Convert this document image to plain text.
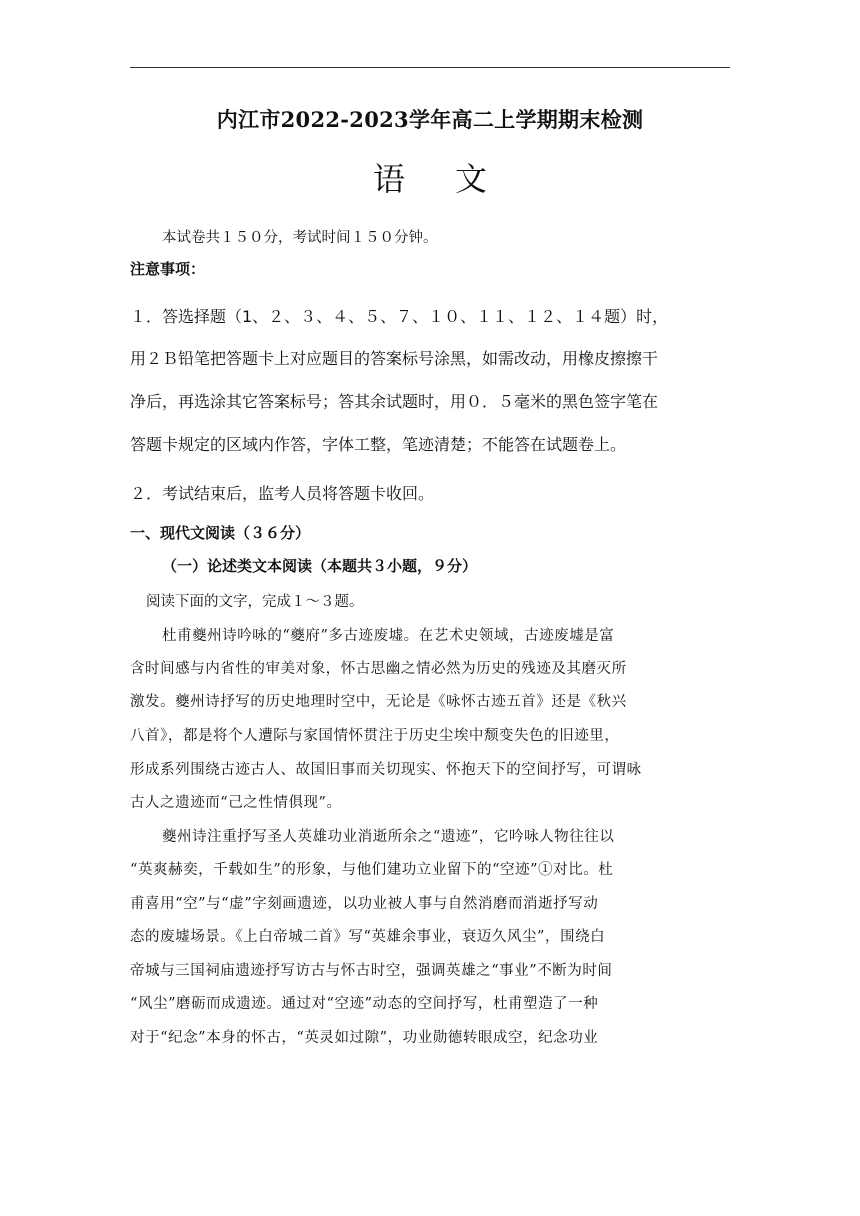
内江市2022-2023学年高二上学期期末检测
语文
本试卷共１５０分，考试时间１５０分钟。
注意事项：
１．答选择题（1、２、３、４、５、７、１０、１１、１２、１４题）时，
用２Ｂ铅笔把答题卡上对应题目的答案标号涂黑，如需改动，用橡皮擦擦干
净后，再选涂其它答案标号；答其余试题时，用０．５毫米的黑色签字笔在
答题卡规定的区域内作答，字体工整，笔迹清楚；不能答在试题卷上。
２．考试结束后，监考人员将答题卡收回。
一、现代文阅读（３６分）
（一）论述类文本阅读（本题共３小题，９分）
阅读下面的文字，完成１～３题。
杜甫夔州诗吟咏的“夔府”多古迹废墟。在艺术史领域，古迹废墟是富
含时间感与内省性的审美对象，怀古思幽之情必然为历史的残迹及其磨灭所
激发。夔州诗抒写的历史地理时空中，无论是《咏怀古迹五首》还是《秋兴
八首》，都是将个人遭际与家国情怀贯注于历史尘埃中颓变失色的旧迹里，
形成系列围绕古迹古人、故国旧事而关切现实、怀抱天下的空间抒写，可谓咏
古人之遗迹而“己之性情俱现”。
夔州诗注重抒写圣人英雄功业消逝所余之“遗迹”，它吟咏人物往往以
“英爽赫奕，千载如生”的形象，与他们建功立业留下的“空迹”①对比。杜
甫喜用“空”与“虚”字刻画遗迹，以功业被人事与自然消磨而消逝抒写动
态的废墟场景。《上白帝城二首》写“英雄余事业，衰迈久风尘”，围绕白
帝城与三国祠庙遗迹抒写访古与怀古时空，强调英雄之“事业”不断为时间
“风尘”磨砺而成遗迹。通过对“空迹”动态的空间抒写，杜甫塑造了一种
对于“纪念”本身的怀古，“英灵如过隙”，功业勋德转眼成空，纪念功业
